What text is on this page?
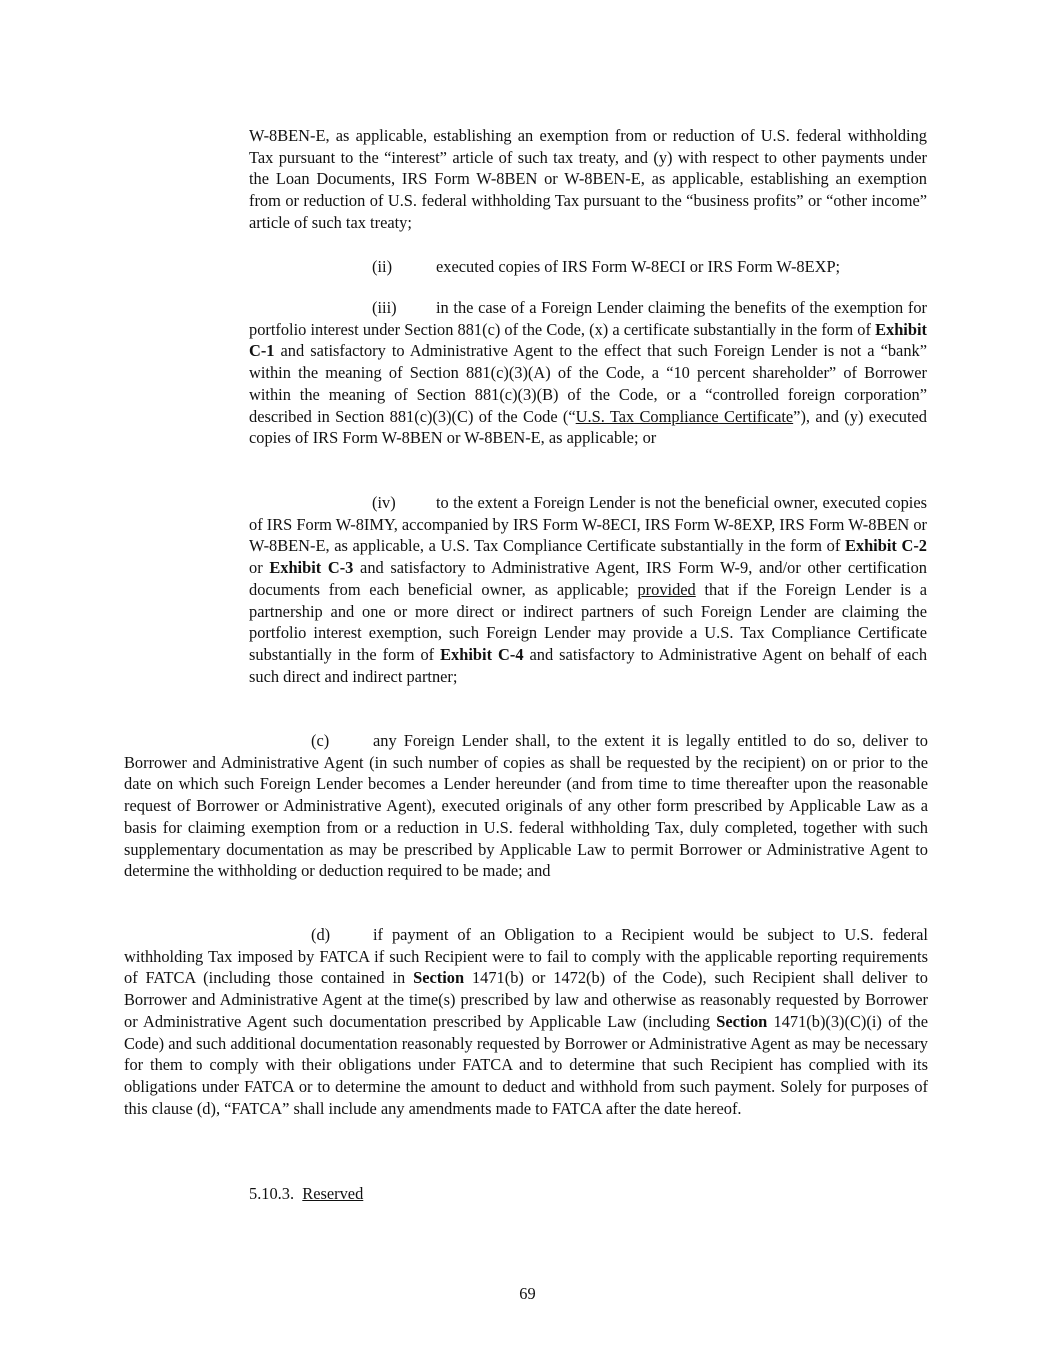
W-8BEN-E, as applicable, establishing an exemption from or reduction of U.S. federal withholding Tax pursuant to the “interest” article of such tax treaty, and (y) with respect to other payments under the Loan Documents, IRS Form W-8BEN or W-8BEN-E, as applicable, establishing an exemption from or reduction of U.S. federal withholding Tax pursuant to the “business profits” or “other income” article of such tax treaty;

(ii)	executed copies of IRS Form W-8ECI or IRS Form W-8EXP;

(iii) in the case of a Foreign Lender claiming the benefits of the exemption for portfolio interest under Section 881(c) of the Code, (x) a certificate substantially in the form of Exhibit C-1 and satisfactory to Administrative Agent to the effect that such Foreign Lender is not a “bank” within the meaning of Section 881(c)(3)(A) of the Code, a “10 percent shareholder” of Borrower within the meaning of Section 881(c)(3)(B) of the Code, or a “controlled foreign corporation” described in Section 881(c)(3)(C) of the Code (“U.S. Tax Compliance Certificate”), and (y) executed copies of IRS Form W-8BEN or W-8BEN-E, as applicable; or

(iv) to the extent a Foreign Lender is not the beneficial owner, executed copies of IRS Form W-8IMY, accompanied by IRS Form W-8ECI, IRS Form W-8EXP, IRS Form W-8BEN or W-8BEN-E, as applicable, a U.S. Tax Compliance Certificate substantially in the form of Exhibit C-2 or Exhibit C-3 and satisfactory to Administrative Agent, IRS Form W-9, and/or other certification documents from each beneficial owner, as applicable; provided that if the Foreign Lender is a partnership and one or more direct or indirect partners of such Foreign Lender are claiming the portfolio interest exemption, such Foreign Lender may provide a U.S. Tax Compliance Certificate substantially in the form of Exhibit C-4 and satisfactory to Administrative Agent on behalf of each such direct and indirect partner;

(c)	any Foreign Lender shall, to the extent it is legally entitled to do so, deliver to Borrower and Administrative Agent (in such number of copies as shall be requested by the recipient) on or prior to the date on which such Foreign Lender becomes a Lender hereunder (and from time to time thereafter upon the reasonable request of Borrower or Administrative Agent), executed originals of any other form prescribed by Applicable Law as a basis for claiming exemption from or a reduction in U.S. federal withholding Tax, duly completed, together with such supplementary documentation as may be prescribed by Applicable Law to permit Borrower or Administrative Agent to determine the withholding or deduction required to be made; and

(d)	if payment of an Obligation to a Recipient would be subject to U.S. federal withholding Tax imposed by FATCA if such Recipient were to fail to comply with the applicable reporting requirements of FATCA (including those contained in Section 1471(b) or 1472(b) of the Code), such Recipient shall deliver to Borrower and Administrative Agent at the time(s) prescribed by law and otherwise as reasonably requested by Borrower or Administrative Agent such documentation prescribed by Applicable Law (including Section 1471(b)(3)(C)(i) of the Code) and such additional documentation reasonably requested by Borrower or Administrative Agent as may be necessary for them to comply with their obligations under FATCA and to determine that such Recipient has complied with its obligations under FATCA or to determine the amount to deduct and withhold from such payment. Solely for purposes of this clause (d), “FATCA” shall include any amendments made to FATCA after the date hereof.

5.10.3. Reserved

69
